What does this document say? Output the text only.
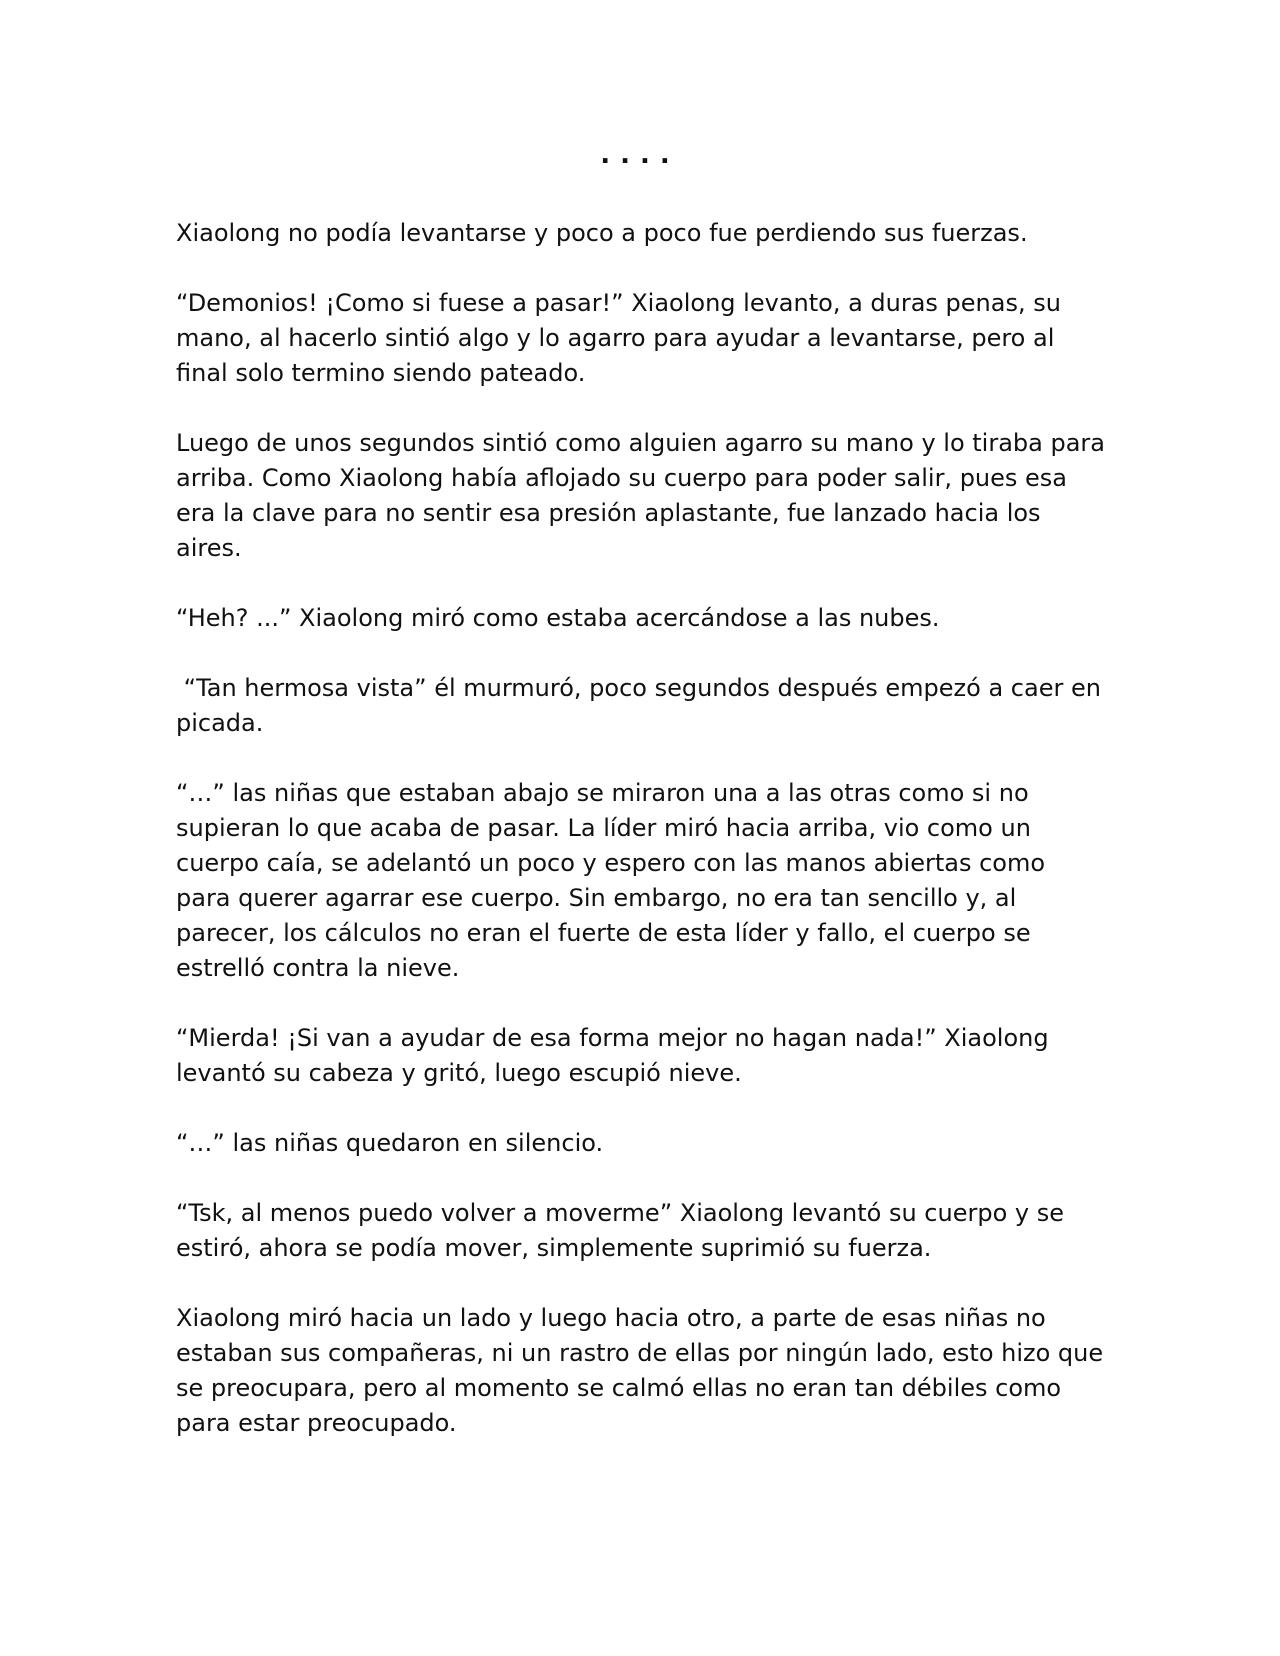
....

Xiaolong no podía levantarse y poco a poco fue perdiendo sus fuerzas.

“Demonios! ¡Como si fuese a pasar!” Xiaolong levanto, a duras penas, su mano, al hacerlo sintió algo y lo agarro para ayudar a levantarse, pero al final solo termino siendo pateado.

Luego de unos segundos sintió como alguien agarro su mano y lo tiraba para arriba. Como Xiaolong había aflojado su cuerpo para poder salir, pues esa era la clave para no sentir esa presión aplastante, fue lanzado hacia los aires.

“Heh? ...” Xiaolong miró como estaba acercándose a las nubes.

“Tan hermosa vista” él murmuró, poco segundos después empezó a caer en picada.

“…” las niñas que estaban abajo se miraron una a las otras como si no supieran lo que acaba de pasar. La líder miró hacia arriba, vio como un cuerpo caía, se adelantó un poco y espero con las manos abiertas como para querer agarrar ese cuerpo. Sin embargo, no era tan sencillo y, al parecer, los cálculos no eran el fuerte de esta líder y fallo, el cuerpo se estrelló contra la nieve.

“Mierda! ¡Si van a ayudar de esa forma mejor no hagan nada!” Xiaolong levantó su cabeza y gritó, luego escupió nieve.

“…” las niñas quedaron en silencio.

“Tsk, al menos puedo volver a moverme” Xiaolong levantó su cuerpo y se estiró, ahora se podía mover, simplemente suprimió su fuerza.

Xiaolong miró hacia un lado y luego hacia otro, a parte de esas niñas no estaban sus compañeras, ni un rastro de ellas por ningún lado, esto hizo que se preocupara, pero al momento se calmó ellas no eran tan débiles como para estar preocupado.
